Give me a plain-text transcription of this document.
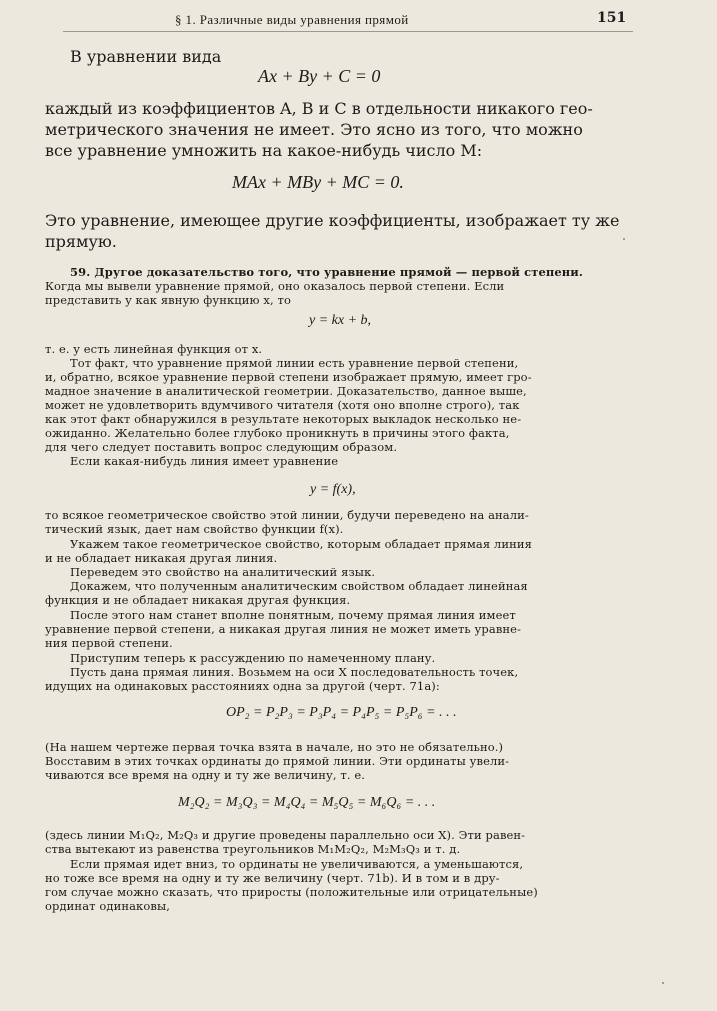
§ 1. Различные виды уравнения прямой	151
В уравнении вида
Ax + By + C = 0
каждый из коэффициентов A, B и C в отдельности никакого гео-
метрического значения не имеет. Это ясно из того, что можно
все уравнение умножить на какое-нибудь число M:
MAx + MBy + MC = 0.
Это уравнение, имеющее другие коэффициенты, изображает ту же
прямую.
59. Другое доказательство того, что уравнение прямой — первой степени.
Когда мы вывели уравнение прямой, оно оказалось первой степени. Если
представить y как явную функцию x, то
y = kx + b,
т. е. y есть линейная функция от x.
Тот факт, что уравнение прямой линии есть уравнение первой степени,
и, обратно, всякое уравнение первой степени изображает прямую, имеет гро-
мадное значение в аналитической геометрии. Доказательство, данное выше,
может не удовлетворить вдумчивого читателя (хотя оно вполне строго), так
как этот факт обнаружился в результате некоторых выкладок несколько не-
ожиданно. Желательно более глубоко проникнуть в причины этого факта,
для чего следует поставить вопрос следующим образом.
Если какая-нибудь линия имеет уравнение
y = f(x),
то всякое геометрическое свойство этой линии, будучи переведено на анали-
тический язык, дает нам свойство функции f(x).
Укажем такое геометрическое свойство, которым обладает прямая линия
и не обладает никакая другая линия.
Переведем это свойство на аналитический язык.
Докажем, что полученным аналитическим свойством обладает линейная
функция и не обладает никакая другая функция.
После этого нам станет вполне понятным, почему прямая линия имеет
уравнение первой степени, а никакая другая линия не может иметь уравне-
ния первой степени.
Приступим теперь к рассуждению по намеченному плану.
Пусть дана прямая линия. Возьмем на оси X последовательность точек,
идущих на одинаковых расстояниях одна за другой (черт. 71а):
OP₂ = P₂P₃ = P₃P₄ = P₄P₅ = P₅P₆ = . . .
(На нашем чертеже первая точка взята в начале, но это не обязательно.)
Восставим в этих точках ординаты до прямой линии. Эти ординаты увели-
чиваются все время на одну и ту же величину, т. е.
M₂Q₂ = M₃Q₃ = M₄Q₄ = M₅Q₅ = M₆Q₆ = . . .
(здесь линии M₁Q₂, M₂Q₃ и другие проведены параллельно оси X). Эти равен-
ства вытекают из равенства треугольников M₁M₂Q₂, M₂M₃Q₃ и т. д.
Если прямая идет вниз, то ординаты не увеличиваются, а уменьшаются,
но тоже все время на одну и ту же величину (черт. 71b). И в том и в дру-
гом случае можно сказать, что приросты (положительные или отрицательные)
ординат одинаковы,
